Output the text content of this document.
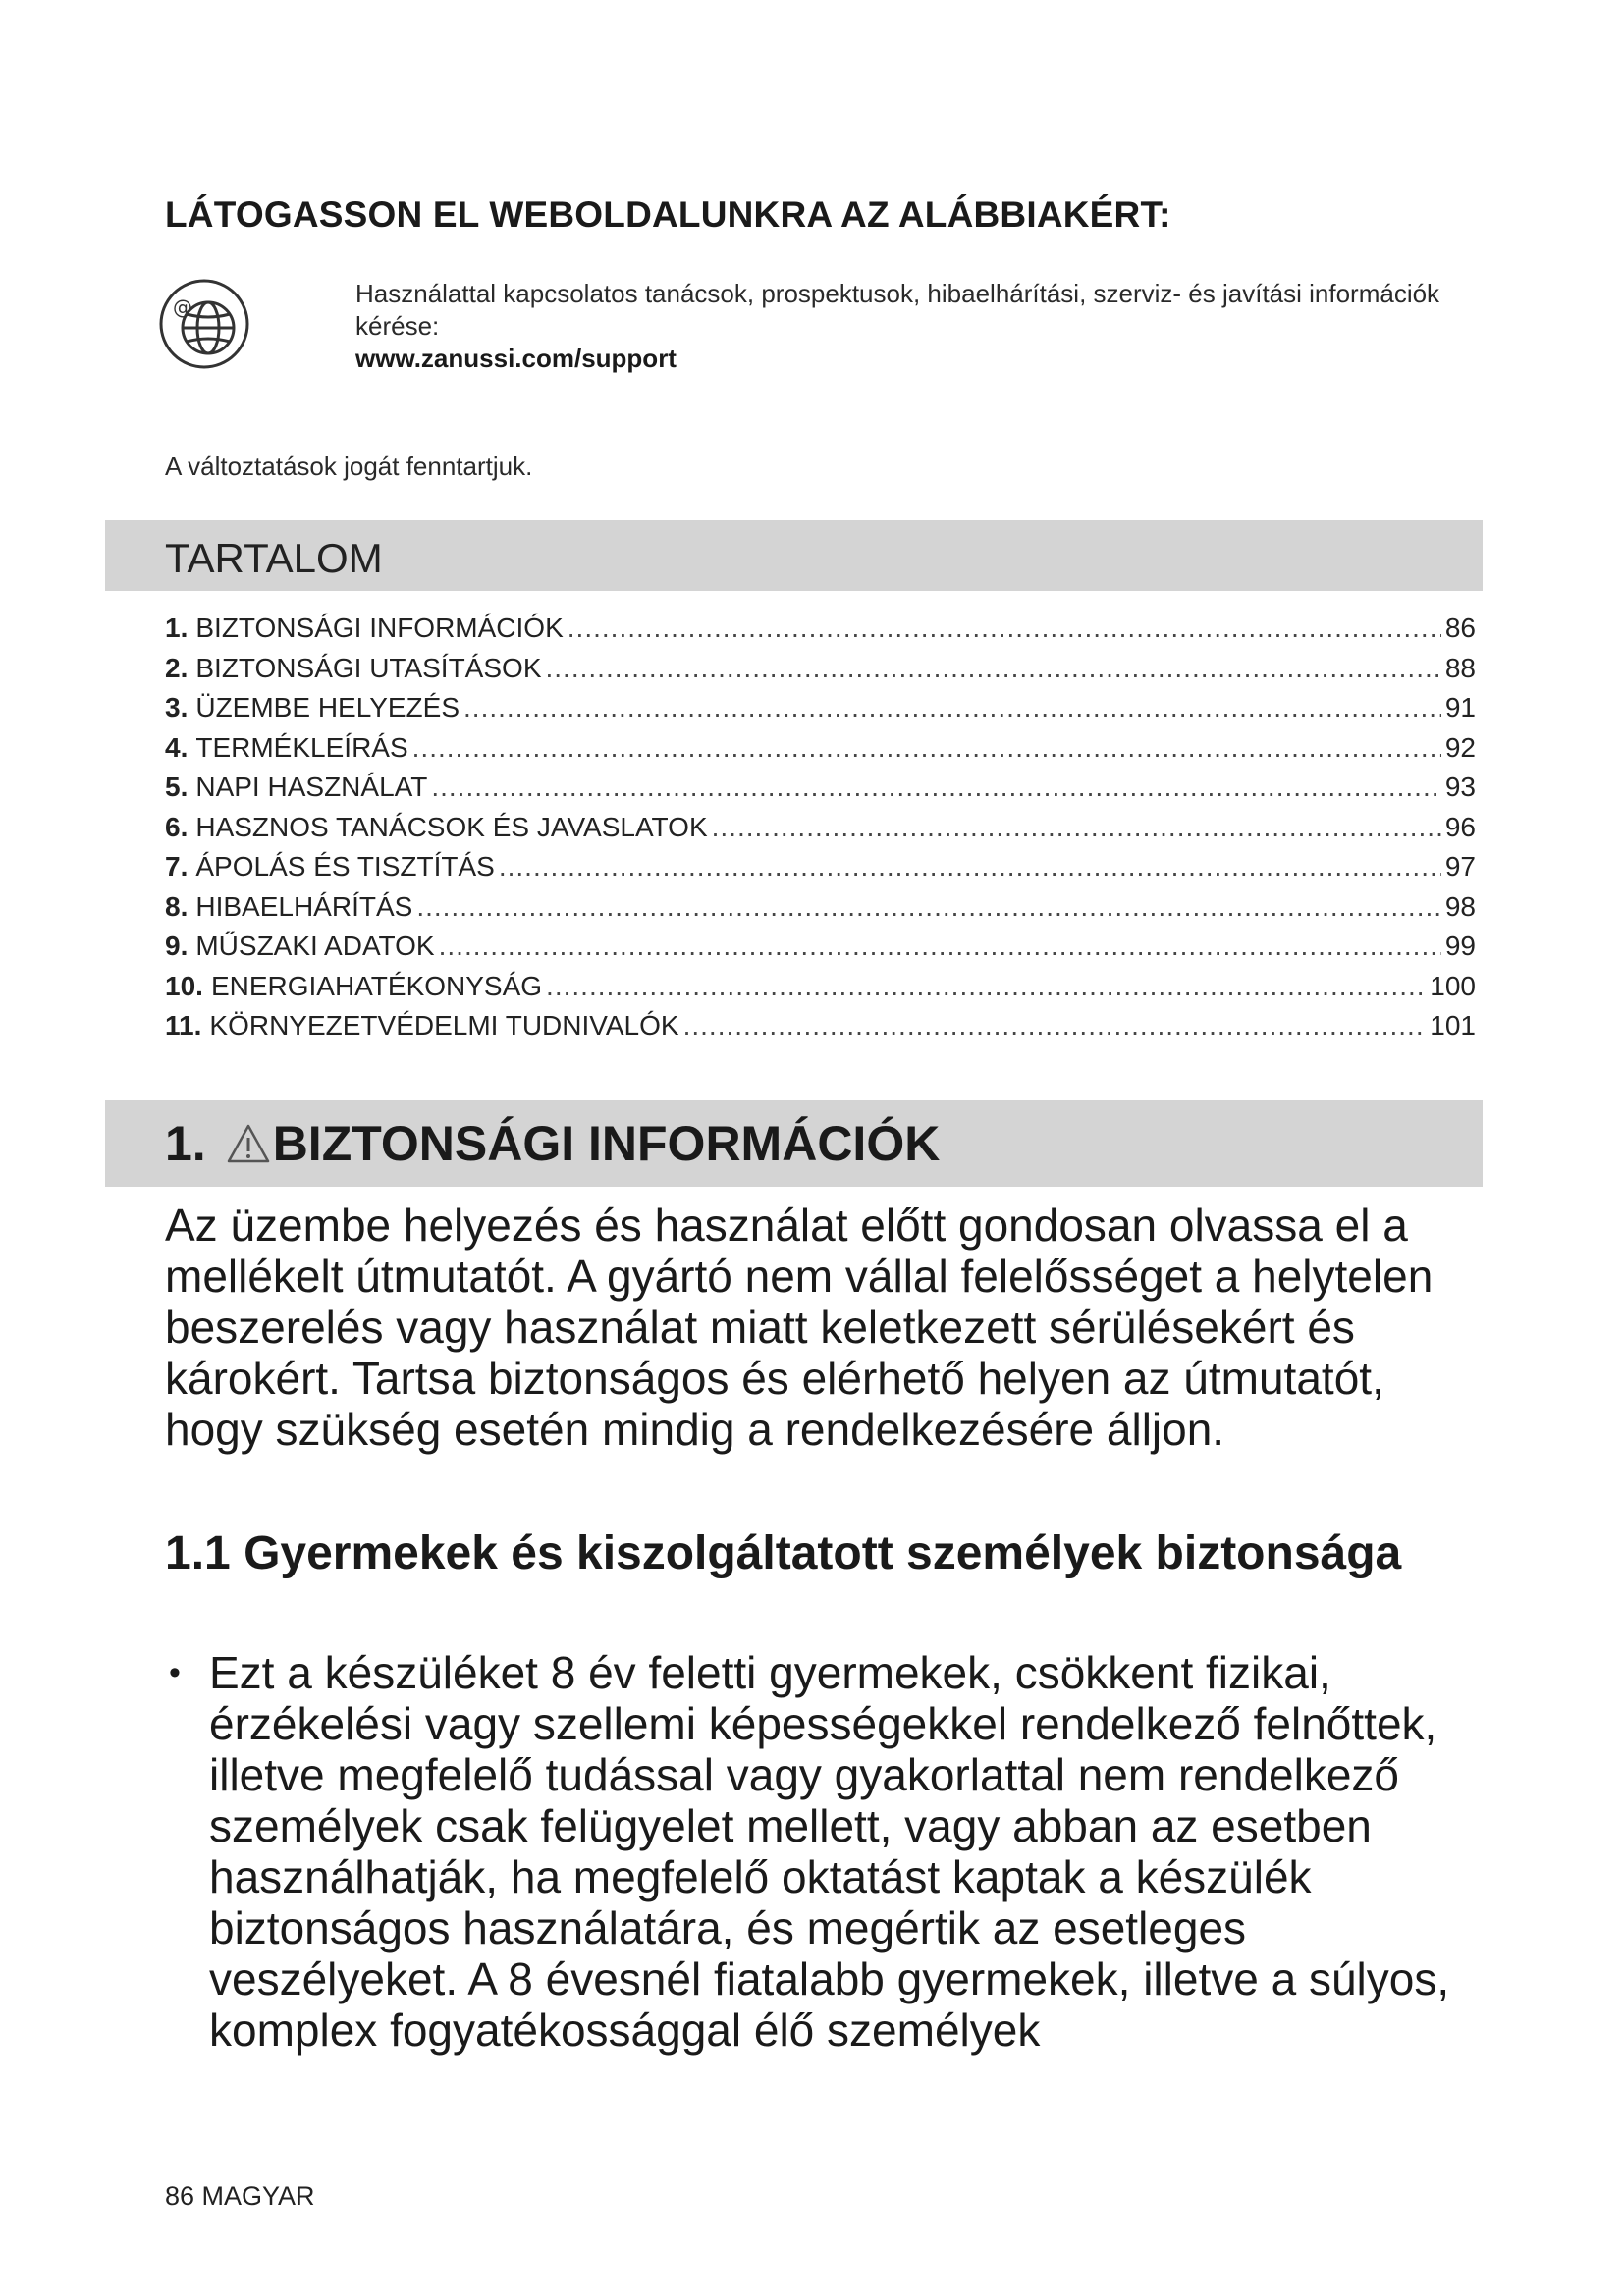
LÁTOGASSON EL WEBOLDALUNKRA AZ ALÁBBIAKÉRT:
@	Használattal kapcsolatos tanácsok, prospektusok, hibaelhárítási, szerviz- és javítási információk kérése:
www.zanussi.com/support
A változtatások jogát fenntartjuk.
TARTALOM
1. BIZTONSÁGI INFORMÁCIÓK .....	86
2. BIZTONSÁGI UTASÍTÁSOK .....	88
3. ÜZEMBE HELYEZÉS .....	91
4. TERMÉKLEÍRÁS .....	92
5. NAPI HASZNÁLAT .....	93
6. HASZNOS TANÁCSOK ÉS JAVASLATOK .....	96
7. ÁPOLÁS ÉS TISZTÍTÁS .....	97
8. HIBAELHÁRÍTÁS .....	98
9. MŰSZAKI ADATOK .....	99
10. ENERGIAHATÉKONYSÁG .....	100
11. KÖRNYEZETVÉDELMI TUDNIVALÓK .....	101
1. BIZTONSÁGI INFORMÁCIÓK
Az üzembe helyezés és használat előtt gondosan olvassa el a mellékelt útmutatót. A gyártó nem vállal felelősséget a helytelen beszerelés vagy használat miatt keletkezett sérülésekért és károkért. Tartsa biztonságos és elérhető helyen az útmutatót, hogy szükség esetén mindig a rendelkezésére álljon.
1.1 Gyermekek és kiszolgáltatott személyek biztonsága
• Ezt a készüléket 8 év feletti gyermekek, csökkent fizikai, érzékelési vagy szellemi képességekkel rendelkező felnőttek, illetve megfelelő tudással vagy gyakorlattal nem rendelkező személyek csak felügyelet mellett, vagy abban az esetben használhatják, ha megfelelő oktatást kaptak a készülék biztonságos használatára, és megértik az esetleges veszélyeket. A 8 évesnél fiatalabb gyermekek, illetve a súlyos, komplex fogyatékossággal élő személyek
86 MAGYAR
